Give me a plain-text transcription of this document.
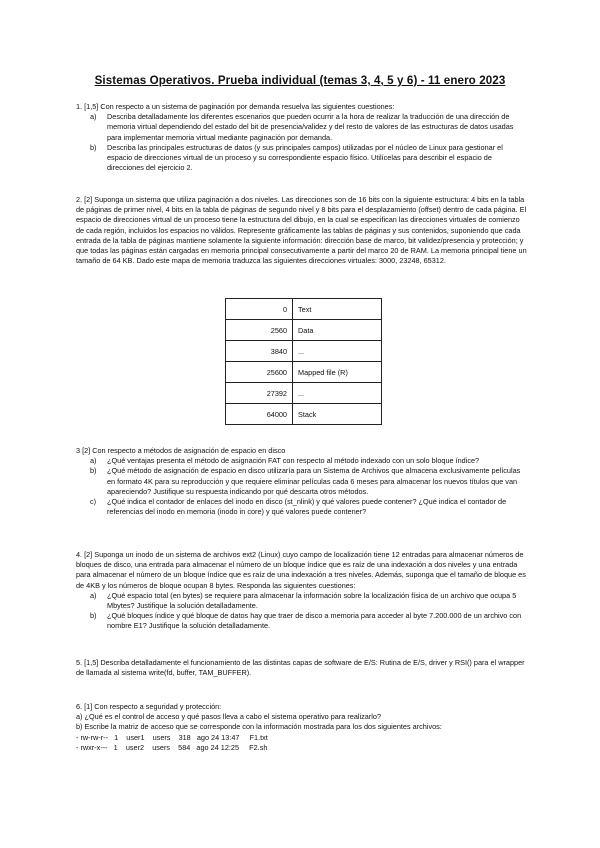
Sistemas Operativos. Prueba individual (temas 3, 4, 5 y 6) - 11 enero 2023

1. [1,5] Con respecto a un sistema de paginación por demanda resuelva las siguientes cuestiones:

a)	Describa detalladamente los diferentes escenarios que pueden ocurrir a la hora de realizar la traducción de una dirección de memoria virtual dependiendo del estado del bit de presencia/validez y del resto de valores de las estructuras de datos usadas para implementar memoria virtual mediante paginación por demanda.
b)	Describa las principales estructuras de datos (y sus principales campos) utilizadas por el núcleo de Linux para gestionar el espacio de direcciones virtual de un proceso y su correspondiente espacio físico. Utilícelas para describir el espacio de direcciones del ejercicio 2.

2. [2] Suponga un sistema que utiliza paginación a dos niveles. Las direcciones son de 16 bits con la siguiente estructura: 4 bits en la tabla de páginas de primer nivel, 4 bits en la tabla de páginas de segundo nivel y 8 bits para el desplazamiento (offset) dentro de cada página. El espacio de direcciones virtual de un proceso tiene la estructura del dibujo, en la cual se especifican las direcciones virtuales de comienzo de cada región, incluidos los espacios no válidos. Represente gráficamente las tablas de páginas y sus contenidos, suponiendo que cada entrada de la tabla de páginas mantiene solamente la siguiente información: dirección base de marco, bit validez/presencia y protección; y que todas las páginas están cargadas en memoria principal consecutivamente a partir del marco 20 de RAM. La memoria principal tiene un tamaño de 64 KB. Dado este mapa de memoria traduzca las siguientes direcciones virtuales: 3000, 23248, 65312.

0	Text
2560	Data
3840	...
25600	Mapped file (R)
27392	...
64000	Stack

3 [2] Con respecto a métodos de asignación de espacio en disco

a)	¿Qué ventajas presenta el método de asignación FAT con respecto al método indexado con un solo bloque índice?
b)	¿Qué método de asignación de espacio en disco utilizaría para un Sistema de Archivos que almacena exclusivamente películas en formato 4K para su reproducción y que requiere eliminar películas cada 6 meses para almacenar los nuevos títulos que van apareciendo? Justifique su respuesta indicando por qué descarta otros métodos.
c)	¿Qué indica el contador de enlaces del inodo en disco (st_nlink) y qué valores puede contener? ¿Qué indica el contador de referencias del inodo en memoria (inodo in core) y qué valores puede contener?

4. [2] Suponga un inodo de un sistema de archivos ext2 (Linux) cuyo campo de localización tiene 12 entradas para almacenar números de bloques de disco, una entrada para almacenar el número de un bloque índice que es raíz de una indexación a dos niveles y una entrada para almacenar el número de un bloque índice que es raíz de una indexación a tres niveles. Además, suponga que el tamaño de bloque es de 4KB y los números de bloque ocupan 8 bytes. Responda las siguientes cuestiones:

a)	¿Qué espacio total (en bytes) se requiere para almacenar la información sobre la localización física de un archivo que ocupa 5 Mbytes? Justifique la solución detalladamente.
b)	¿Qué bloques índice y qué bloque de datos hay que traer de disco a memoria para acceder al byte 7.200.000 de un archivo con nombre E1? Justifique la solución detalladamente.

5. [1,5] Describa detalladamente el funcionamiento de las distintas capas de software de E/S: Rutina de E/S, driver y RSI() para el wrapper de llamada al sistema write(fd, buffer, TAM_BUFFER).

6. [1] Con respecto a seguridad y protección:

a) ¿Qué es el control de acceso y qué pasos lleva a cabo el sistema operativo para realizarlo?

b) Escribe la matriz de acceso que se corresponde con la información mostrada para los dos siguientes archivos:

- rw-rw-r--   1    user1    users    318   ago 24 13:47     F1.txt

- rwxr-x---   1    user2    users    584   ago 24 12:25     F2.sh
